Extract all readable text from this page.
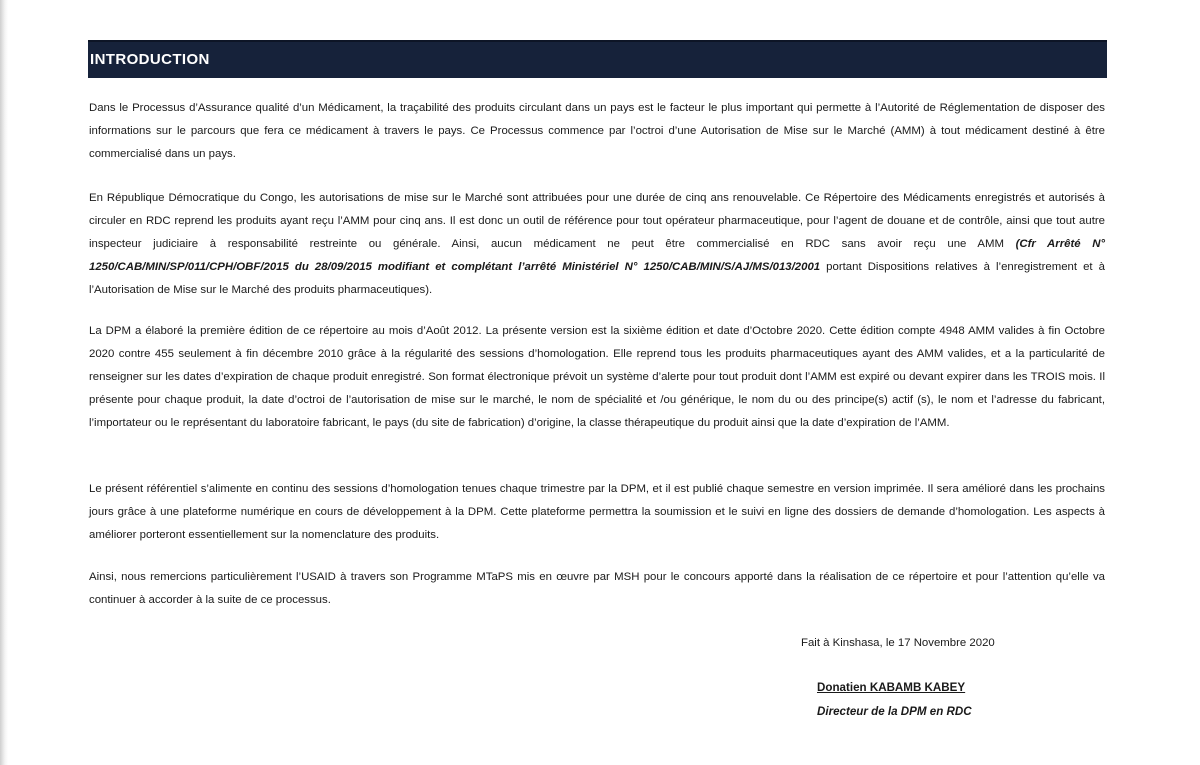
INTRODUCTION

Dans le Processus d’Assurance qualité d’un Médicament, la traçabilité des produits circulant dans un pays est le facteur le plus important qui permette à l’Autorité de Réglementation de disposer des informations sur le parcours que fera ce médicament à travers le pays. Ce Processus commence par l’octroi d’une Autorisation de Mise sur le Marché (AMM) à tout médicament destiné à être commercialisé dans un pays.

En République Démocratique du Congo, les autorisations de mise sur le Marché sont attribuées pour une durée de cinq ans renouvelable. Ce Répertoire des Médicaments enregistrés et autorisés à circuler en RDC reprend les produits ayant reçu l’AMM pour cinq ans. Il est donc un outil de référence pour tout opérateur pharmaceutique, pour l’agent de douane et de contrôle, ainsi que tout autre inspecteur judiciaire à responsabilité restreinte ou générale. Ainsi, aucun médicament ne peut être commercialisé en RDC sans avoir reçu une AMM (Cfr Arrêté N° 1250/CAB/MIN/SP/011/CPH/OBF/2015 du 28/09/2015 modifiant et complétant l’arrêté Ministériel N° 1250/CAB/MIN/S/AJ/MS/013/2001 portant Dispositions relatives à l’enregistrement et à l’Autorisation de Mise sur le Marché des produits pharmaceutiques).

La DPM a élaboré la première édition de ce répertoire au mois d’Août 2012. La présente version est la sixième édition et date d’Octobre 2020. Cette édition compte 4948 AMM valides à fin Octobre 2020 contre 455 seulement à fin décembre 2010 grâce à la régularité des sessions d’homologation. Elle reprend tous les produits pharmaceutiques ayant des AMM valides, et a la particularité de renseigner sur les dates d’expiration de chaque produit enregistré. Son format électronique prévoit un système d’alerte pour tout produit dont l’AMM est expiré ou devant expirer dans les TROIS mois. Il présente pour chaque produit, la date d’octroi de l’autorisation de mise sur le marché, le nom de spécialité et /ou générique, le nom du ou des principe(s) actif (s), le nom et l’adresse du fabricant, l’importateur ou le représentant du laboratoire fabricant, le pays (du site de fabrication) d’origine, la classe thérapeutique du produit ainsi que la date d’expiration de l’AMM.

Le présent référentiel s’alimente en continu des sessions d’homologation tenues chaque trimestre par la DPM, et il est publié chaque semestre en version imprimée. Il sera amélioré dans les prochains jours grâce à une plateforme numérique en cours de développement à la DPM. Cette plateforme permettra la soumission et le suivi en ligne des dossiers de demande d’homologation. Les aspects à améliorer porteront essentiellement sur la nomenclature des produits.

Ainsi, nous remercions particulièrement l’USAID à travers son Programme MTaPS mis en œuvre par MSH pour le concours apporté dans la réalisation de ce répertoire et pour l’attention qu’elle va continuer à accorder à la suite de ce processus.

Fait à Kinshasa, le 17 Novembre 2020
Donatien KABAMB KABEY
Directeur de la DPM en RDC
